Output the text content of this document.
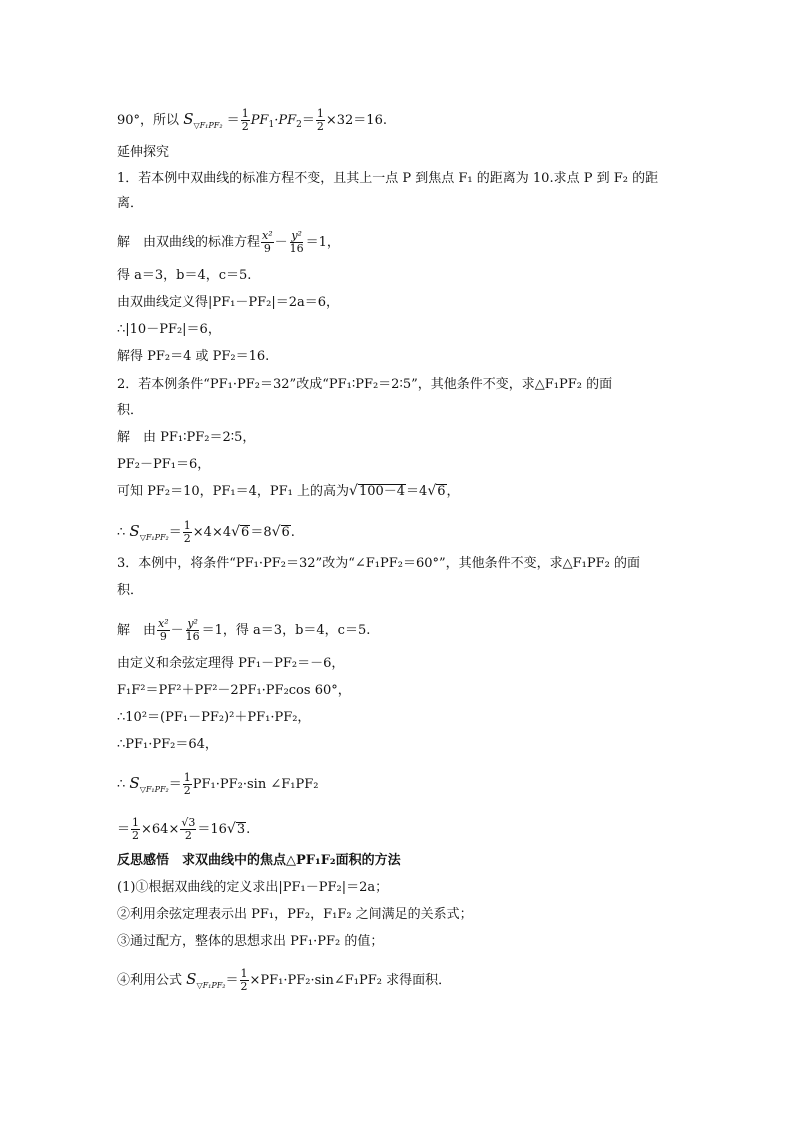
90°，所以 $S_{▽F_1PF_2} = \frac{1}{2} PF_1\cdot PF_2= \frac{1}{2} \times 32=16$.
延伸探究
1．若本例中双曲线的标准方程不变，且其上一点 P 到焦点 F₁ 的距离为 10.求点 P 到 F₂ 的距
离．
解　由双曲线的标准方程 $\frac{\text{x²}}{9} - \frac{\text{y²}}{16} =1$，
得 a＝3，b＝4，c＝5.
由双曲线定义得|PF₁－PF₂|＝2a＝6，
∴|10－PF₂|＝6，
解得 PF₂＝4 或 PF₂＝16.
2．若本例条件“PF₁·PF₂＝32”改成“PF₁∶PF₂＝2∶5”，其他条件不变，求△F₁PF₂ 的面
积．
解　由 PF₁∶PF₂＝2∶5，
PF₂－PF₁＝6，
可知 PF₂＝10，PF₁＝4，PF₁ 上的高为 √ 100－4 ＝4 √ 6 ，
∴ $S_{▽F_1PF_2}= \frac{1}{2} \times 4\times 4$ √ 6 ＝8 √ 6 .
3．本例中，将条件“PF₁·PF₂＝32”改为“∠F₁PF₂＝60°”，其他条件不变，求△F₁PF₂ 的面
积．
解　由 $\frac{\text{x²}}{9} - \frac{\text{y²}}{16} =1$，得 a＝3，b＝4，c＝5.
由定义和余弦定理得 PF₁－PF₂＝－6，
F₁F²＝PF²＋PF²－2PF₁·PF₂cos 60°，
∴10²＝(PF₁－PF₂)²＋PF₁·PF₂，
∴PF₁·PF₂＝64，
∴ $S_{▽F_1PF_2}= \frac{1}{2} PF_1\cdot PF_2\cdot\sin$ ∠F₁PF₂
＝ $\frac{1}{2} \times 64\times \frac{√3}{2} =16$ √ 3 .
反思感悟　求双曲线中的焦点△PF₁F₂面积的方法
(1)①根据双曲线的定义求出|PF₁－PF₂|＝2a；
②利用余弦定理表示出 PF₁，PF₂，F₁F₂ 之间满足的关系式；
③通过配方，整体的思想求出 PF₁·PF₂ 的值；
④利用公式 $S_{▽F_1PF_2}= \frac{1}{2}$ ×PF₁·PF₂·sin∠F₁PF₂ 求得面积．
